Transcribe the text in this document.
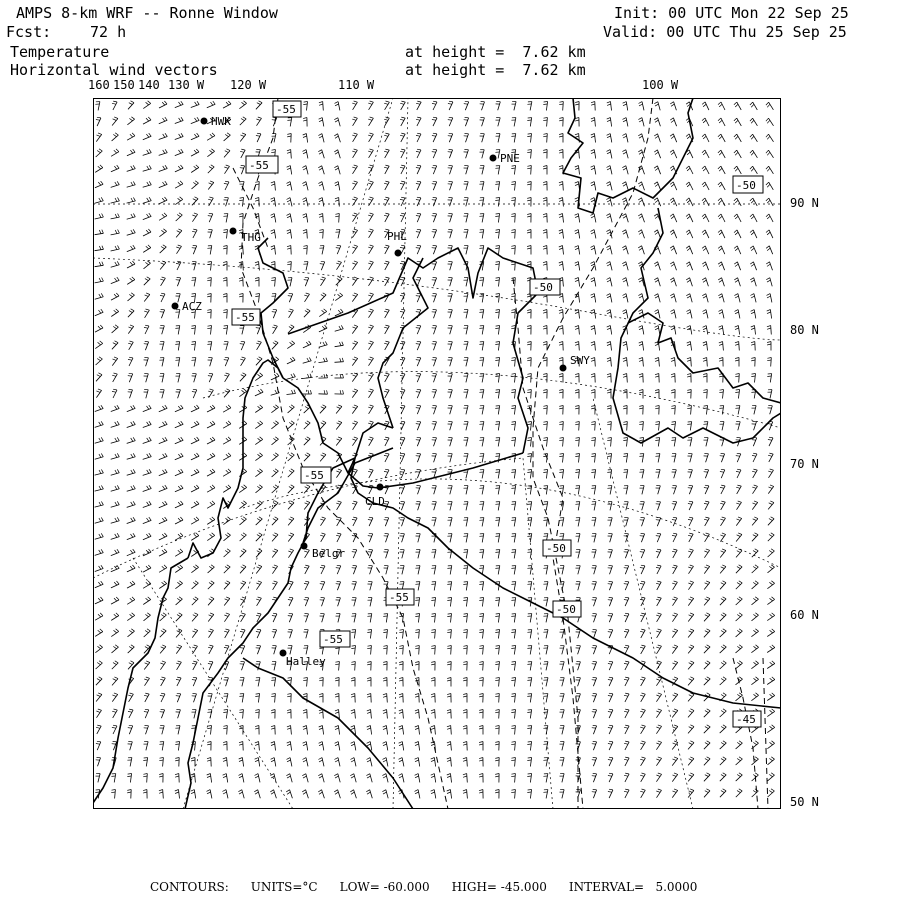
AMPS 8-km WRF -- Ronne Window
Fcst:	72 h
Temperature
Horizontal wind vectors
at height =  7.62 km
at height =  7.62 km
Init: 00 UTC Mon 22 Sep 25
Valid: 00 UTC Thu 25 Sep 25
160 150 140 130 W 120 W	110 W	100 W
90 N
80 N
70 N
60 N
50 N
-55
-55
-50
-50
-55
-55
-50
-55
-50
-55
-45
HWK
PNE
THG	PHL
ACZ
SWY
CLD
Belgr
Halley
CONTOURS: UNITS=°C LOW= -60.000 HIGH= -45.000 INTERVAL=   5.0000
